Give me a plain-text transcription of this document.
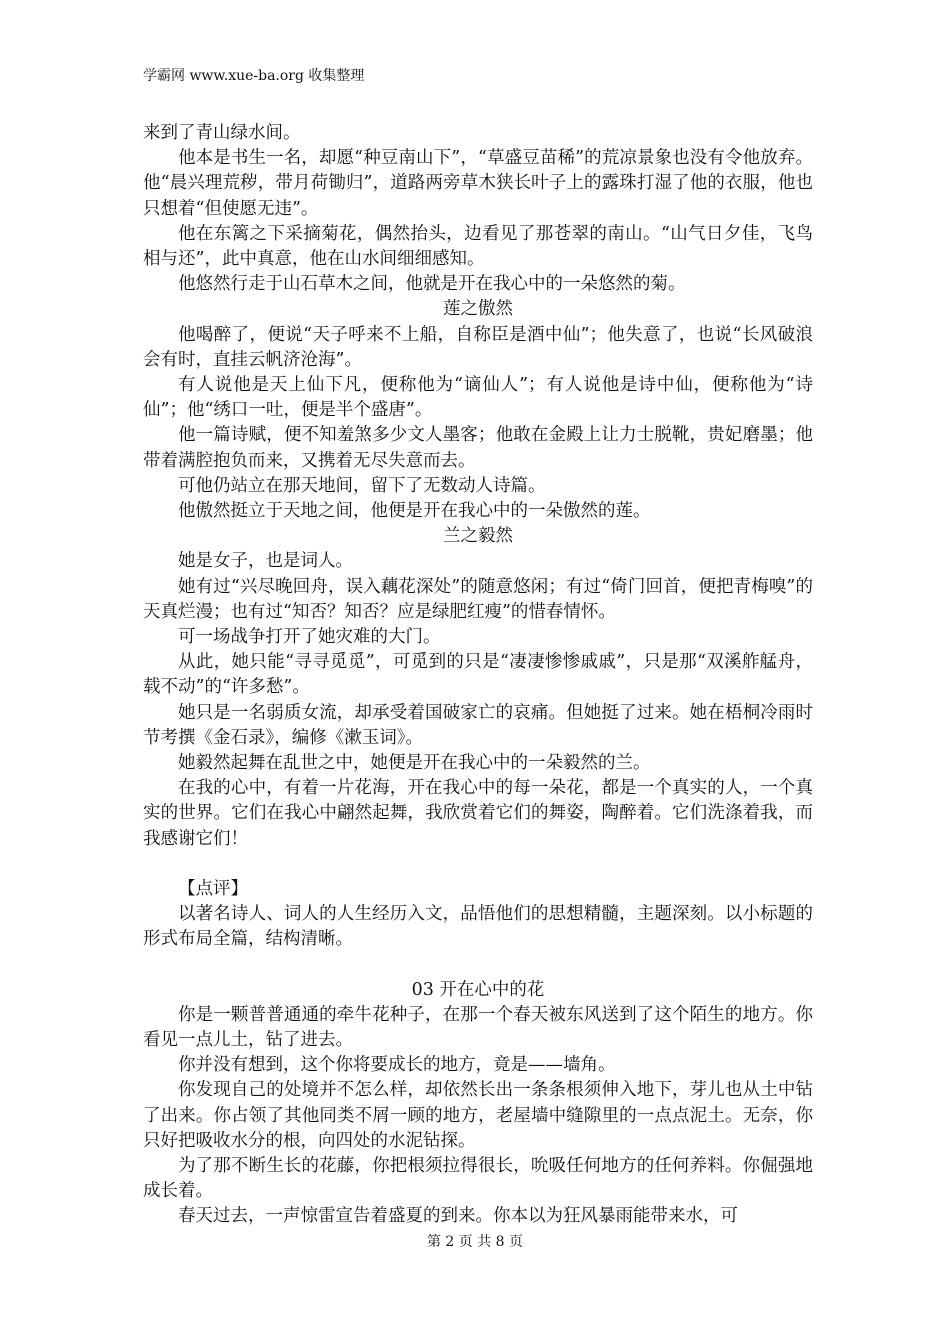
学霸网 www.xue-ba.org 收集整理

来到了青山绿水间。

他本是书生一名，却愿“种豆南山下”，“草盛豆苗稀”的荒凉景象也没有令他放弃。他“晨兴理荒秽，带月荷锄归”，道路两旁草木狭长叶子上的露珠打湿了他的衣服，他也只想着“但使愿无违”。

他在东篱之下采摘菊花，偶然抬头，边看见了那苍翠的南山。“山气日夕佳，飞鸟相与还”，此中真意，他在山水间细细感知。

他悠然行走于山石草木之间，他就是开在我心中的一朵悠然的菊。

莲之傲然

他喝醉了，便说“天子呼来不上船，自称臣是酒中仙”；他失意了，也说“长风破浪会有时，直挂云帆济沧海”。

有人说他是天上仙下凡，便称他为“谪仙人”；有人说他是诗中仙，便称他为“诗仙”；他“绣口一吐，便是半个盛唐”。

他一篇诗赋，便不知羞煞多少文人墨客；他敢在金殿上让力士脱靴，贵妃磨墨；他带着满腔抱负而来，又携着无尽失意而去。

可他仍站立在那天地间，留下了无数动人诗篇。

他傲然挺立于天地之间，他便是开在我心中的一朵傲然的莲。

兰之毅然

她是女子，也是词人。

她有过“兴尽晚回舟，误入藕花深处”的随意悠闲；有过“倚门回首，便把青梅嗅”的天真烂漫；也有过“知否？知否？应是绿肥红瘦”的惜春情怀。

可一场战争打开了她灾难的大门。

从此，她只能“寻寻觅觅”，可觅到的只是“凄凄惨惨戚戚”，只是那“双溪舴艋舟，载不动”的“许多愁”。

她只是一名弱质女流，却承受着国破家亡的哀痛。但她挺了过来。她在梧桐冷雨时节考撰《金石录》，编修《漱玉词》。

她毅然起舞在乱世之中，她便是开在我心中的一朵毅然的兰。

在我的心中，有着一片花海，开在我心中的每一朵花，都是一个真实的人，一个真实的世界。它们在我心中翩然起舞，我欣赏着它们的舞姿，陶醉着。它们洗涤着我，而我感谢它们！

【点评】

以著名诗人、词人的人生经历入文，品悟他们的思想精髓，主题深刻。以小标题的形式布局全篇，结构清晰。

03 开在心中的花

你是一颗普普通通的牵牛花种子，在那一个春天被东风送到了这个陌生的地方。你看见一点儿土，钻了进去。

你并没有想到，这个你将要成长的地方，竟是——墙角。

你发现自己的处境并不怎么样，却依然长出一条条根须伸入地下，芽儿也从土中钻了出来。你占领了其他同类不屑一顾的地方，老屋墙中缝隙里的一点点泥土。无奈，你只好把吸收水分的根，向四处的水泥钻探。

为了那不断生长的花藤，你把根须拉得很长，吮吸任何地方的任何养料。你倔强地成长着。

春天过去，一声惊雷宣告着盛夏的到来。你本以为狂风暴雨能带来水，可

第 2 页 共 8 页
